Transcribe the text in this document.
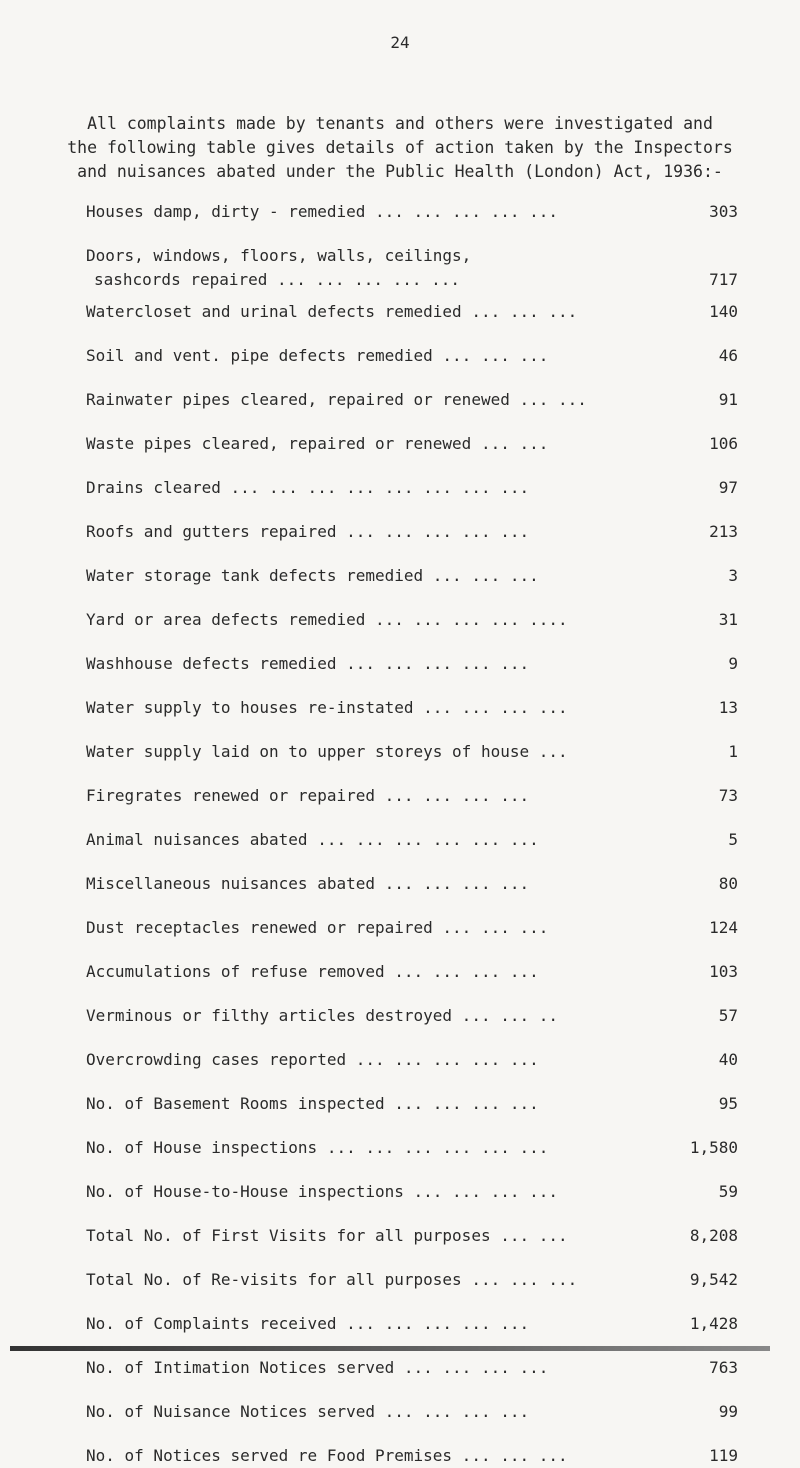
24
All complaints made by tenants and others were investigated and
the following table gives details of action taken by the Inspectors
and nuisances abated under the Public Health (London) Act, 1936:-
Houses damp, dirty - remedied ... ... ... ... ...	303
Doors, windows, floors, walls, ceilings,
sashcords repaired ... ... ... ... ...	717
Watercloset and urinal defects remedied ... ... ...	140
Soil and vent. pipe defects remedied ... ... ...	46
Rainwater pipes cleared, repaired or renewed ... ...	91
Waste pipes cleared, repaired or renewed ... ...	106
Drains cleared ... ... ... ... ... ... ... ...	97
Roofs and gutters repaired ... ... ... ... ...	213
Water storage tank defects remedied ... ... ...	3
Yard or area defects remedied ... ... ... ... ....	31
Washhouse defects remedied ... ... ... ... ...	9
Water supply to houses re-instated ... ... ... ...	13
Water supply laid on to upper storeys of house ...	1
Firegrates renewed or repaired ... ... ... ...	73
Animal nuisances abated ... ... ... ... ... ...	5
Miscellaneous nuisances abated ... ... ... ...	80
Dust receptacles renewed or repaired ... ... ...	124
Accumulations of refuse removed ... ... ... ...	103
Verminous or filthy articles destroyed ... ... ..	57
Overcrowding cases reported ... ... ... ... ...	40
No. of Basement Rooms inspected ... ... ... ...	95
No. of House inspections ... ... ... ... ... ...	1,580
No. of House-to-House inspections ... ... ... ...	59
Total No. of First Visits for all purposes ... ...	8,208
Total No. of Re-visits for all purposes ... ... ...	9,542
No. of Complaints received ... ... ... ... ...	1,428
No. of Intimation Notices served ... ... ... ...	763
No. of Nuisance Notices served ... ... ... ...	99
No. of Notices served re Food Premises ... ... ...	119
